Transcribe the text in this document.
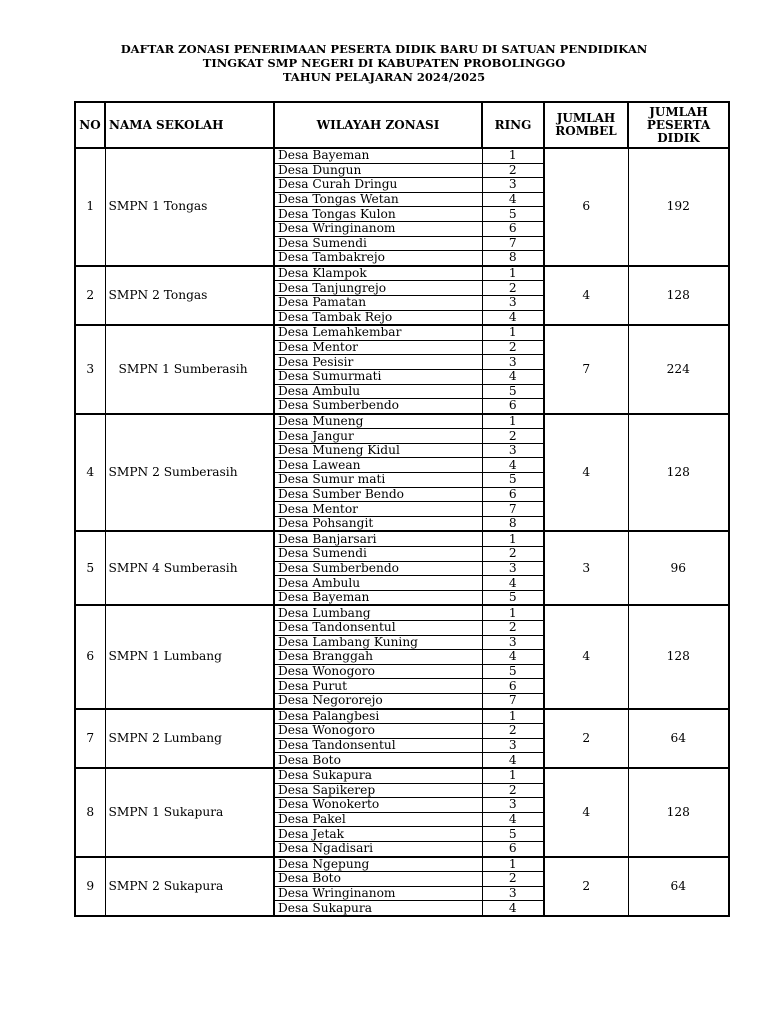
DAFTAR ZONASI PENERIMAAN PESERTA DIDIK BARU DI SATUAN PENDIDIKAN
TINGKAT SMP NEGERI DI KABUPATEN PROBOLINGGO
TAHUN PELAJARAN 2024/2025
NO	NAMA SEKOLAH	WILAYAH ZONASI	RING	JUMLAH ROMBEL	JUMLAH PESERTA DIDIK
1	SMPN 1 Tongas	Desa Bayeman	1	6	192
		Desa Dungun	2		
		Desa Curah Dringu	3		
		Desa Tongas Wetan	4		
		Desa Tongas Kulon	5		
		Desa Wringinanom	6		
		Desa Sumendi	7		
		Desa Tambakrejo	8		
2	SMPN 2 Tongas	Desa Klampok	1	4	128
		Desa Tanjungrejo	2		
		Desa Pamatan	3		
		Desa Tambak Rejo	4		
3	SMPN 1 Sumberasih	Desa Lemahkembar	1	7	224
		Desa Mentor	2		
		Desa Pesisir	3		
		Desa Sumurmati	4		
		Desa Ambulu	5		
		Desa Sumberbendo	6		
4	SMPN 2 Sumberasih	Desa Muneng	1	4	128
		Desa Jangur	2		
		Desa Muneng Kidul	3		
		Desa Lawean	4		
		Desa Sumur mati	5		
		Desa Sumber Bendo	6		
		Desa Mentor	7		
		Desa Pohsangit	8		
5	SMPN 4 Sumberasih	Desa Banjarsari	1	3	96
		Desa Sumendi	2		
		Desa Sumberbendo	3		
		Desa Ambulu	4		
		Desa Bayeman	5		
6	SMPN 1 Lumbang	Desa Lumbang	1	4	128
		Desa Tandonsentul	2		
		Desa Lambang Kuning	3		
		Desa Branggah	4		
		Desa Wonogoro	5		
		Desa Purut	6		
		Desa Negororejo	7		
7	SMPN 2 Lumbang	Desa Palangbesi	1	2	64
		Desa Wonogoro	2		
		Desa Tandonsentul	3		
		Desa Boto	4		
8	SMPN 1 Sukapura	Desa Sukapura	1	4	128
		Desa Sapikerep	2		
		Desa Wonokerto	3		
		Desa Pakel	4		
		Desa Jetak	5		
		Desa Ngadisari	6		
9	SMPN 2 Sukapura	Desa Ngepung	1	2	64
		Desa Boto	2		
		Desa Wringinanom	3		
		Desa Sukapura	4		
